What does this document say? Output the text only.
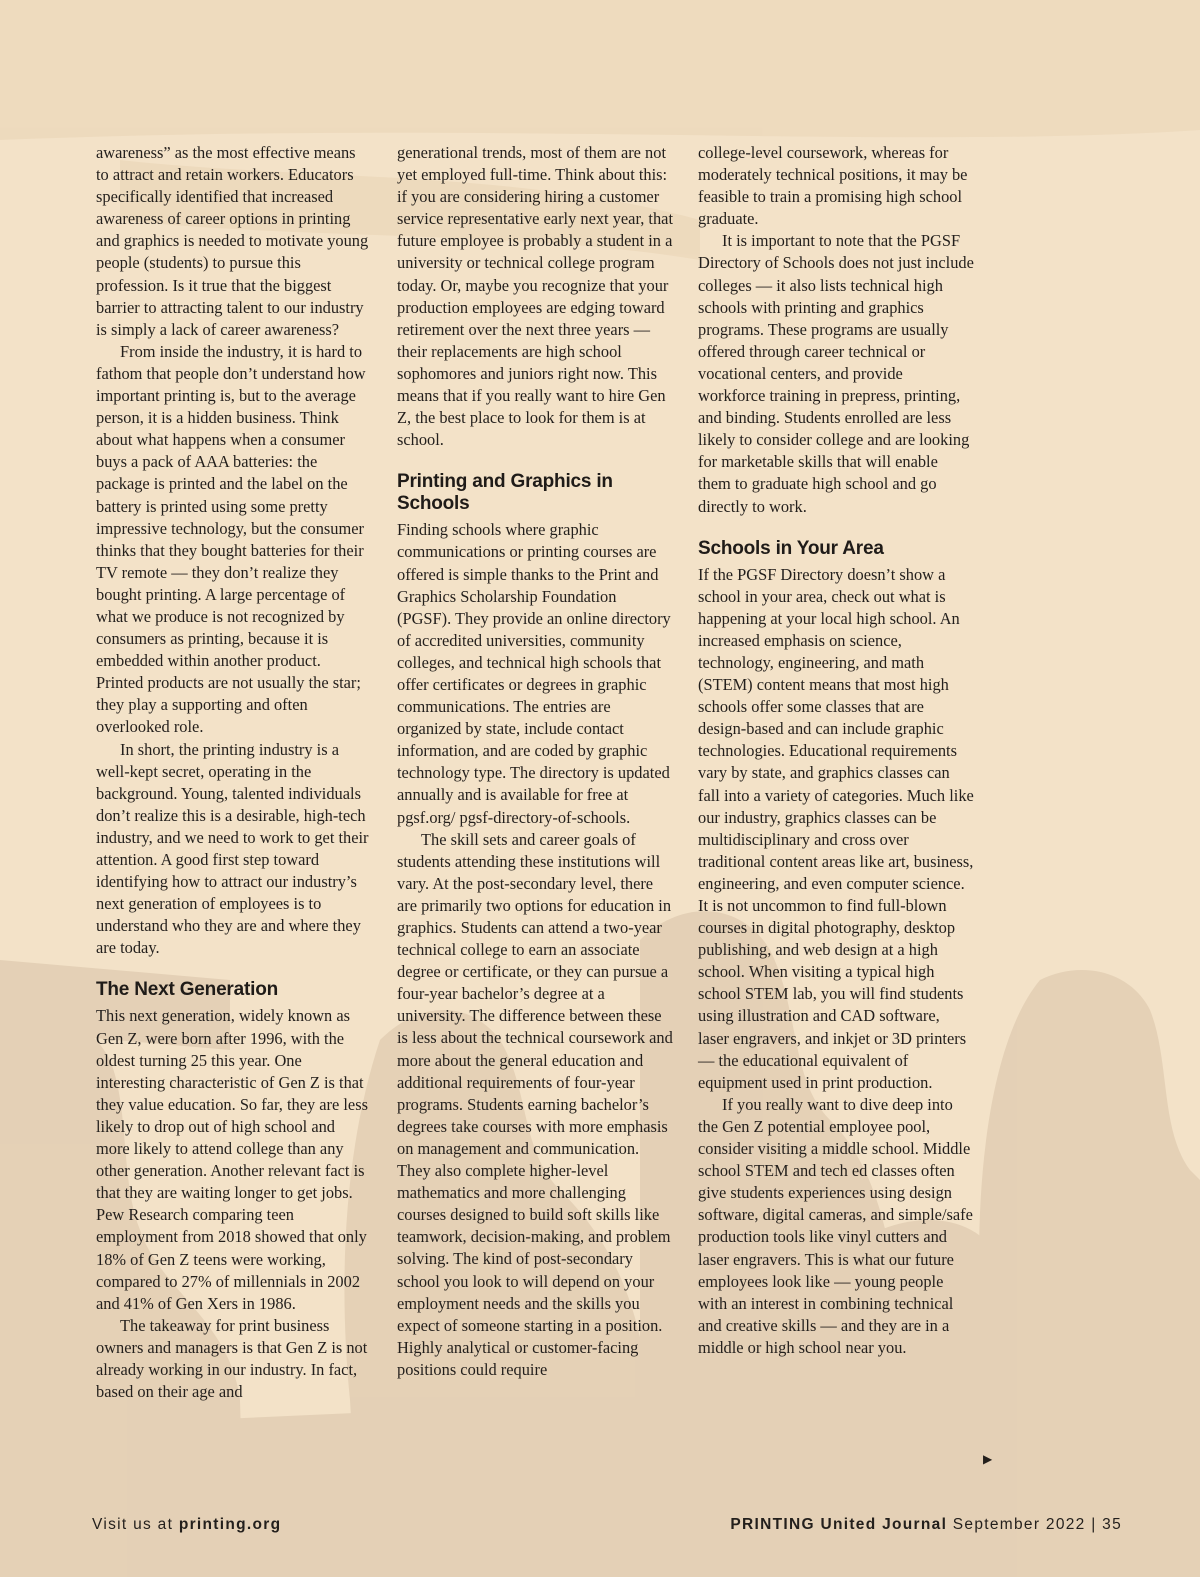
awareness” as the most effective means to attract and retain workers. Educators specifically identified that increased awareness of career options in printing and graphics is needed to motivate young people (students) to pursue this profession. Is it true that the biggest barrier to attracting talent to our industry is simply a lack of career awareness?

From inside the industry, it is hard to fathom that people don’t understand how important printing is, but to the average person, it is a hidden business. Think about what happens when a consumer buys a pack of AAA batteries: the package is printed and the label on the battery is printed using some pretty impressive technology, but the consumer thinks that they bought batteries for their TV remote — they don’t realize they bought printing. A large percentage of what we produce is not recognized by consumers as printing, because it is embedded within another product. Printed products are not usually the star; they play a supporting and often overlooked role.

In short, the printing industry is a well-kept secret, operating in the background. Young, talented individuals don’t realize this is a desirable, high-tech industry, and we need to work to get their attention. A good first step toward identifying how to attract our industry’s next generation of employees is to understand who they are and where they are today.

The Next Generation

This next generation, widely known as Gen Z, were born after 1996, with the oldest turning 25 this year. One interesting characteristic of Gen Z is that they value education. So far, they are less likely to drop out of high school and more likely to attend college than any other generation. Another relevant fact is that they are waiting longer to get jobs. Pew Research comparing teen employment from 2018 showed that only 18% of Gen Z teens were working, compared to 27% of millennials in 2002 and 41% of Gen Xers in 1986.

The takeaway for print business owners and managers is that Gen Z is not already working in our industry. In fact, based on their age and

generational trends, most of them are not yet employed full-time. Think about this: if you are considering hiring a customer service representative early next year, that future employee is probably a student in a university or technical college program today. Or, maybe you recognize that your production employees are edging toward retirement over the next three years — their replacements are high school sophomores and juniors right now. This means that if you really want to hire Gen Z, the best place to look for them is at school.

Printing and Graphics in Schools

Finding schools where graphic communications or printing courses are offered is simple thanks to the Print and Graphics Scholarship Foundation (PGSF). They provide an online directory of accredited universities, community colleges, and technical high schools that offer certificates or degrees in graphic communications. The entries are organized by state, include contact information, and are coded by graphic technology type. The directory is updated annually and is available for free at pgsf.org/ pgsf-directory-of-schools.

The skill sets and career goals of students attending these institutions will vary. At the post-secondary level, there are primarily two options for education in graphics. Students can attend a two-year technical college to earn an associate degree or certificate, or they can pursue a four-year bachelor’s degree at a university. The difference between these is less about the technical coursework and more about the general education and additional requirements of four-year programs. Students earning bachelor’s degrees take courses with more emphasis on management and communication. They also complete higher-level mathematics and more challenging courses designed to build soft skills like teamwork, decision-making, and problem solving. The kind of post-secondary school you look to will depend on your employment needs and the skills you expect of someone starting in a position. Highly analytical or customer-facing positions could require

college-level coursework, whereas for moderately technical positions, it may be feasible to train a promising high school graduate.

It is important to note that the PGSF Directory of Schools does not just include colleges — it also lists technical high schools with printing and graphics programs. These programs are usually offered through career technical or vocational centers, and provide workforce training in prepress, printing, and binding. Students enrolled are less likely to consider college and are looking for marketable skills that will enable them to graduate high school and go directly to work.

Schools in Your Area

If the PGSF Directory doesn’t show a school in your area, check out what is happening at your local high school. An increased emphasis on science, technology, engineering, and math (STEM) content means that most high schools offer some classes that are design-based and can include graphic technologies. Educational requirements vary by state, and graphics classes can fall into a variety of categories. Much like our industry, graphics classes can be multidisciplinary and cross over traditional content areas like art, business, engineering, and even computer science. It is not uncommon to find full-blown courses in digital photography, desktop publishing, and web design at a high school. When visiting a typical high school STEM lab, you will find students using illustration and CAD software, laser engravers, and inkjet or 3D printers — the educational equivalent of equipment used in print production.

If you really want to dive deep into the Gen Z potential employee pool, consider visiting a middle school. Middle school STEM and tech ed classes often give students experiences using design software, digital cameras, and simple/safe production tools like vinyl cutters and laser engravers. This is what our future employees look like — young people with an interest in combining technical and creative skills — and they are in a middle or high school near you.

▶
Visit us at printing.org	PRINTING United Journal September 2022 | 35
